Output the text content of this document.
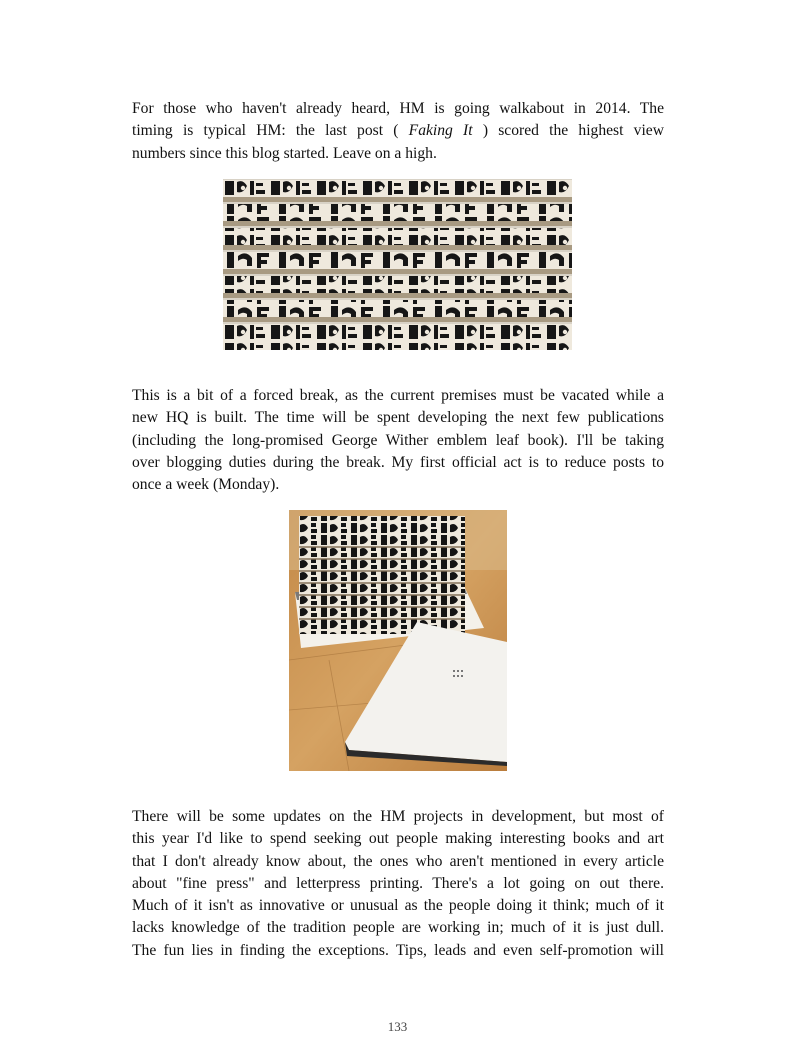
For those who haven't already heard, HM is going walkabout in 2014. The
timing is typical HM: the last post ( Faking It ) scored the highest view
numbers since this blog started. Leave on a high.
This is a bit of a forced break, as the current premises must be vacated while a
new HQ is built. The time will be spent developing the next few publications
(including the long-promised George Wither emblem leaf book). I'll be taking
over blogging duties during the break. My first official act is to reduce posts to
once a week (Monday).
There will be some updates on the HM projects in development, but most of
this year I'd like to spend seeking out people making interesting books and art
that I don't already know about, the ones who aren't mentioned in every article
about "fine press" and letterpress printing. There's a lot going on out there.
Much of it isn't as innovative or unusual as the people doing it think; much of it
lacks knowledge of the tradition people are working in; much of it is just dull.
The fun lies in finding the exceptions. Tips, leads and even self-promotion will
133
